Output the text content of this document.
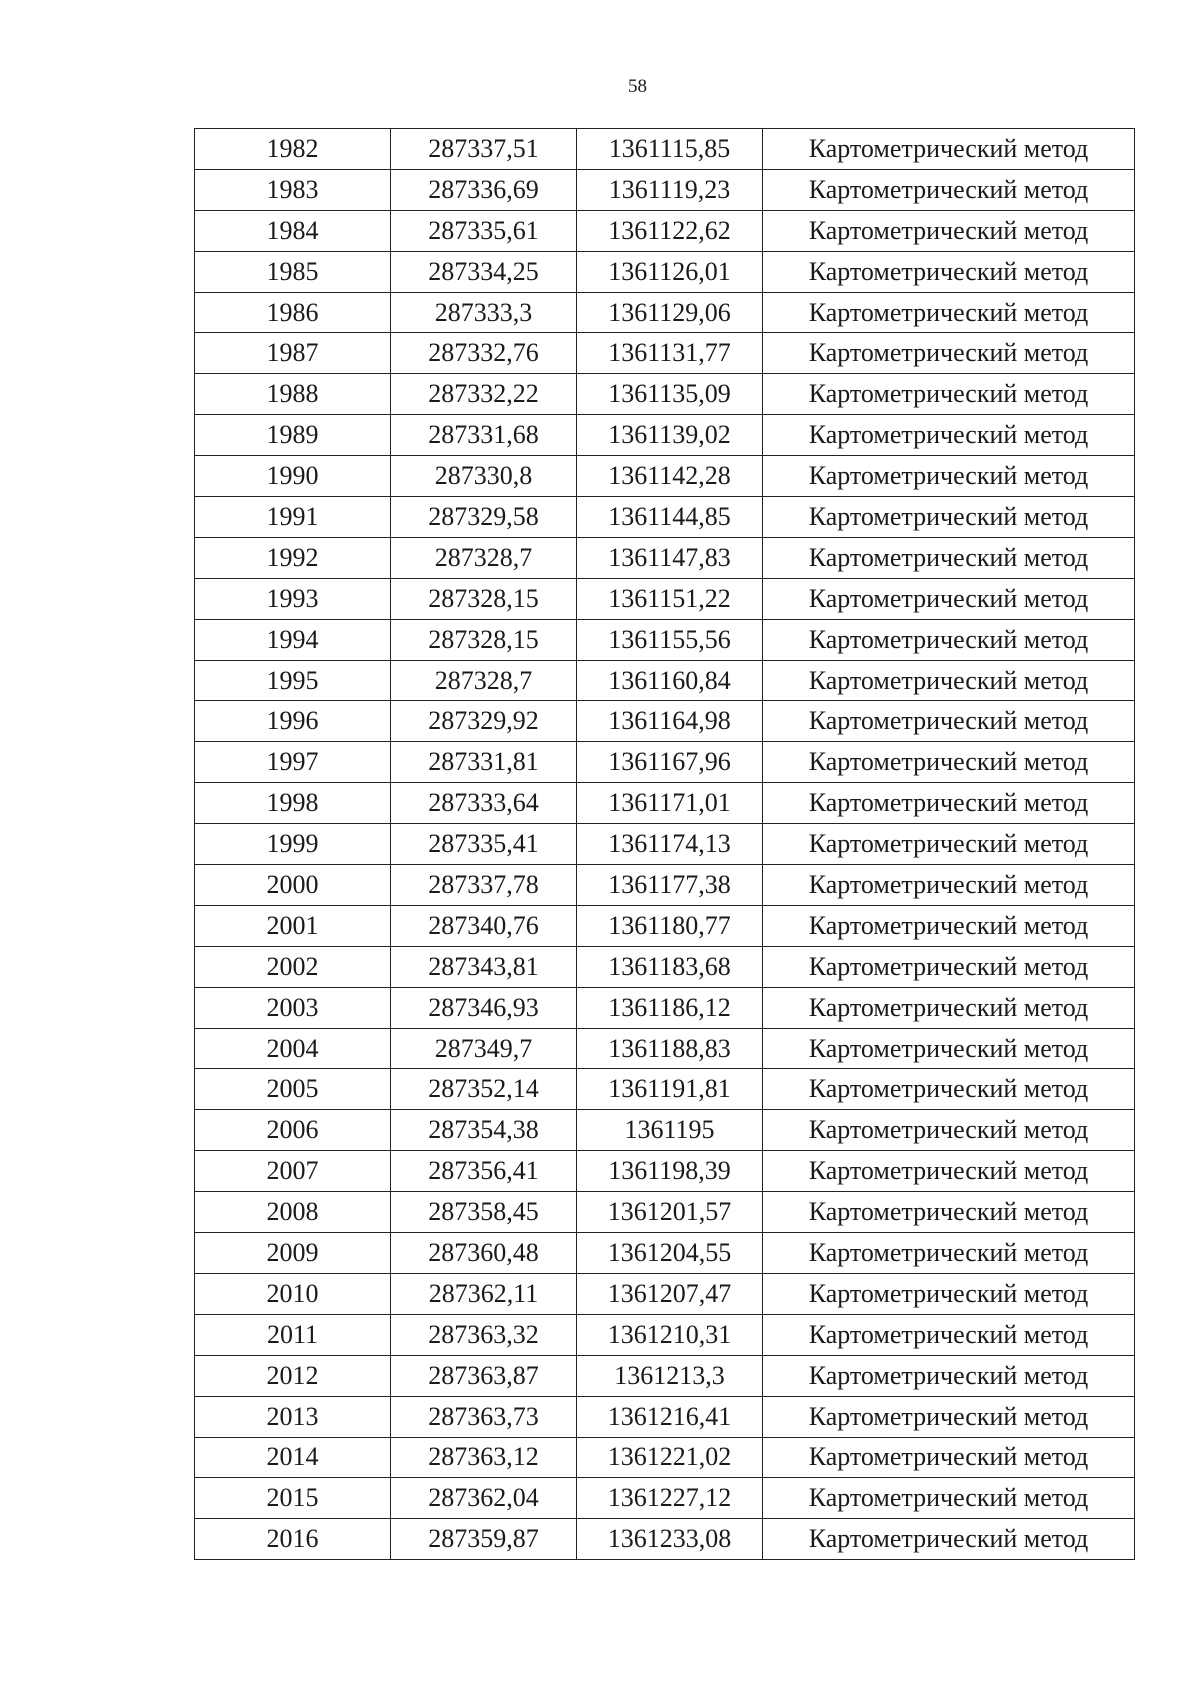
58
1982	287337,51	1361115,85	Картометрический метод
1983	287336,69	1361119,23	Картометрический метод
1984	287335,61	1361122,62	Картометрический метод
1985	287334,25	1361126,01	Картометрический метод
1986	287333,3	1361129,06	Картометрический метод
1987	287332,76	1361131,77	Картометрический метод
1988	287332,22	1361135,09	Картометрический метод
1989	287331,68	1361139,02	Картометрический метод
1990	287330,8	1361142,28	Картометрический метод
1991	287329,58	1361144,85	Картометрический метод
1992	287328,7	1361147,83	Картометрический метод
1993	287328,15	1361151,22	Картометрический метод
1994	287328,15	1361155,56	Картометрический метод
1995	287328,7	1361160,84	Картометрический метод
1996	287329,92	1361164,98	Картометрический метод
1997	287331,81	1361167,96	Картометрический метод
1998	287333,64	1361171,01	Картометрический метод
1999	287335,41	1361174,13	Картометрический метод
2000	287337,78	1361177,38	Картометрический метод
2001	287340,76	1361180,77	Картометрический метод
2002	287343,81	1361183,68	Картометрический метод
2003	287346,93	1361186,12	Картометрический метод
2004	287349,7	1361188,83	Картометрический метод
2005	287352,14	1361191,81	Картометрический метод
2006	287354,38	1361195	Картометрический метод
2007	287356,41	1361198,39	Картометрический метод
2008	287358,45	1361201,57	Картометрический метод
2009	287360,48	1361204,55	Картометрический метод
2010	287362,11	1361207,47	Картометрический метод
2011	287363,32	1361210,31	Картометрический метод
2012	287363,87	1361213,3	Картометрический метод
2013	287363,73	1361216,41	Картометрический метод
2014	287363,12	1361221,02	Картометрический метод
2015	287362,04	1361227,12	Картометрический метод
2016	287359,87	1361233,08	Картометрический метод
